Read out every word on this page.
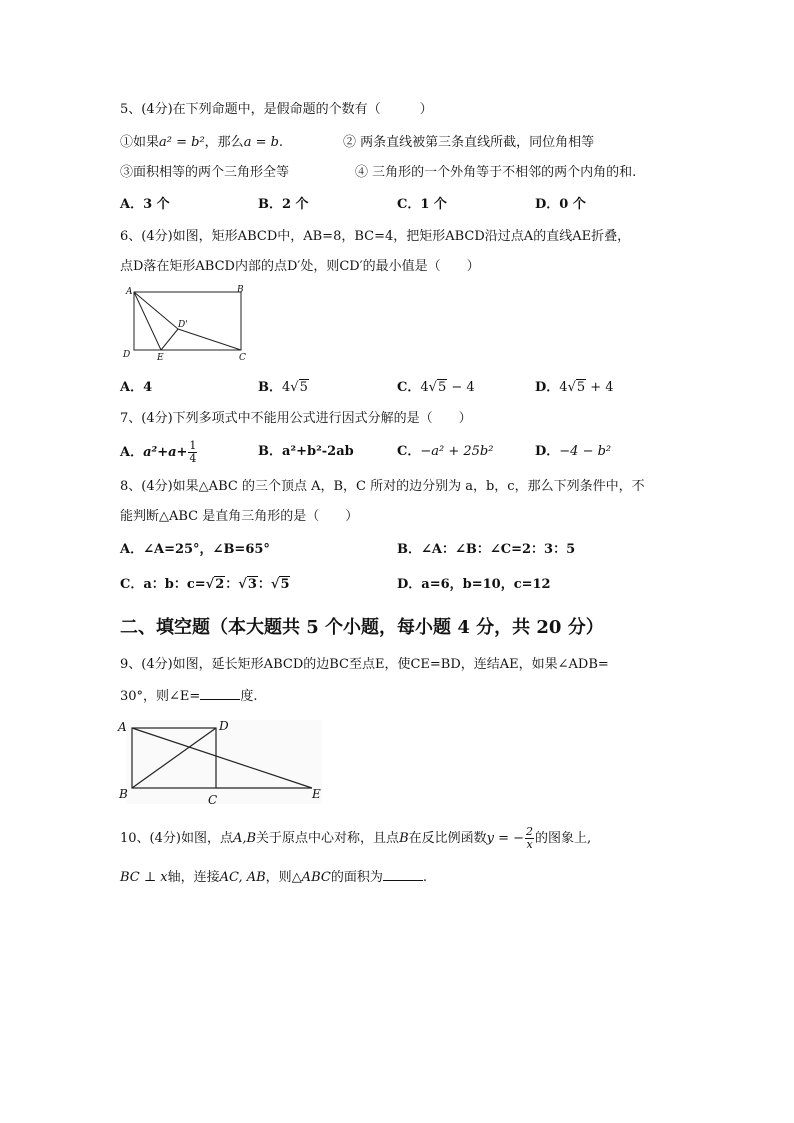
5、(4分)在下列命题中，是假命题的个数有（　　　）
①如果a² = b²，那么a = b.	② 两条直线被第三条直线所截，同位角相等
③面积相等的两个三角形全等	④ 三角形的一个外角等于不相邻的两个内角的和.
A．3 个	B．2 个	C．1 个	D．0 个
6、(4分)如图，矩形ABCD中，AB=8，BC=4，把矩形ABCD沿过点A的直线AE折叠，
点D落在矩形ABCD内部的点D′处，则CD′的最小值是（　　）
A	B
C
D	E
D'
A．4	B．4√5	C．4√5 − 4	D．4√5 + 4
7、(4分)下列多项式中不能用公式进行因式分解的是（　　）
A．$a^2+a+ \frac{1}{4}$	B．a²+b²-2ab	C．−a² + 25b²	D．−4 − b²
8、(4分)如果△ABC 的三个顶点 A，B，C 所对的边分别为 a，b，c，那么下列条件中，不
能判断△ABC 是直角三角形的是（　　）
A．∠A=25°，∠B=65°	B．∠A：∠B：∠C=2：3：5
C．a：b：c=√2：√3：√5	D．a=6，b=10，c=12
二、填空题（本大题共 5 个小题，每小题 4 分，共 20 分）
9、(4分)如图，延长矩形ABCD的边BC至点E，使CE=BD，连结AE，如果∠ADB=
30°，则∠E=	度.
A	D
B	C	E
10、(4分)如图，点A,B关于原点中心对称，且点B在反比例函数y = − $\frac{2}{x}$ 的图象上,
BC ⊥ x轴，连接AC, AB，则△ABC的面积为	.
